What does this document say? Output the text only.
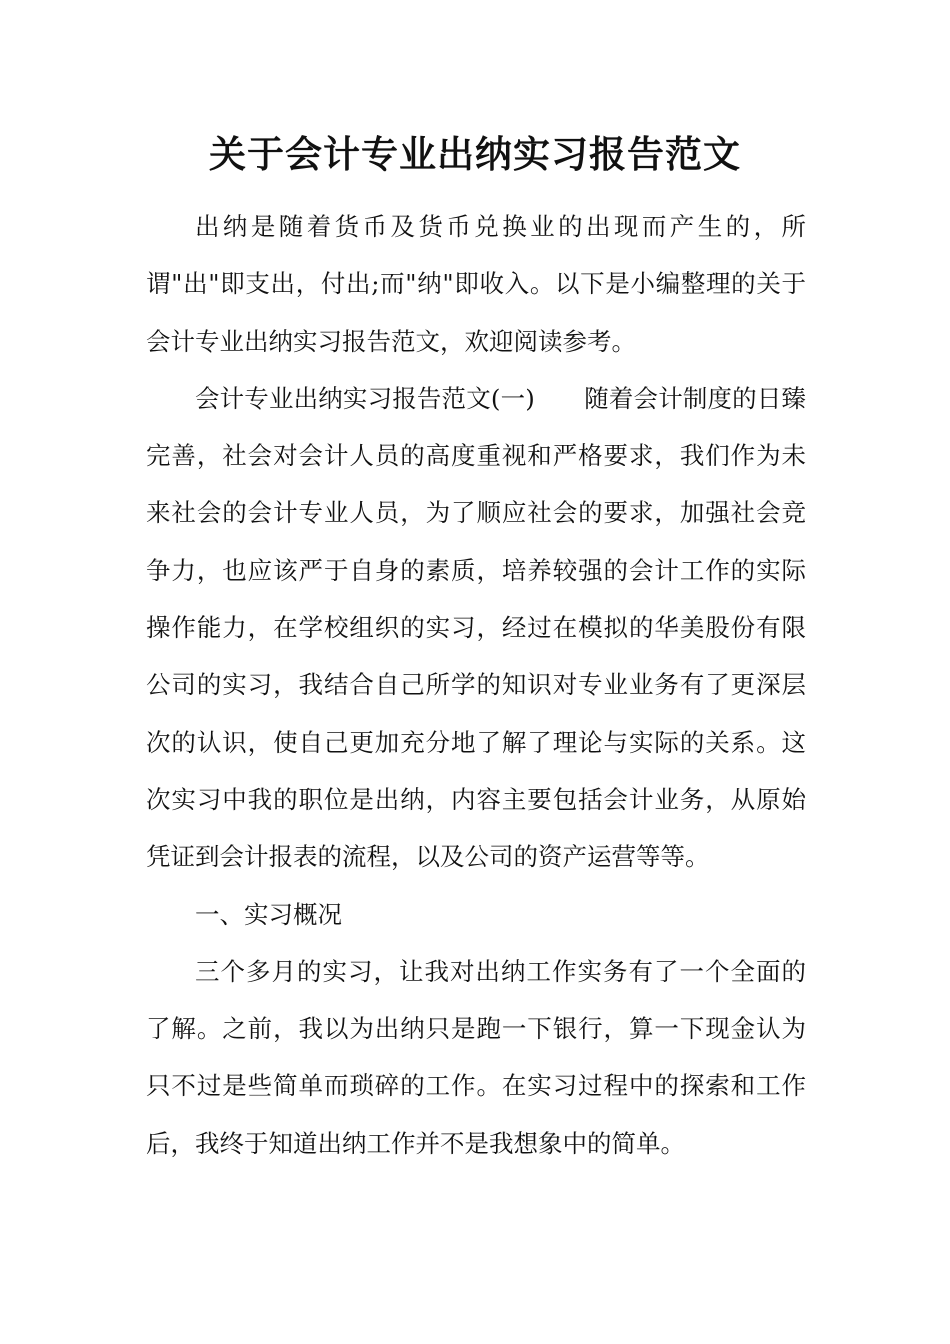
关于会计专业出纳实习报告范文

出纳是随着货币及货币兑换业的出现而产生的，所谓"出"即支出，付出;而"纳"即收入。以下是小编整理的关于会计专业出纳实习报告范文，欢迎阅读参考。

会计专业出纳实习报告范文(一)　　随着会计制度的日臻完善，社会对会计人员的高度重视和严格要求，我们作为未来社会的会计专业人员，为了顺应社会的要求，加强社会竞争力，也应该严于自身的素质，培养较强的会计工作的实际操作能力，在学校组织的实习，经过在模拟的华美股份有限公司的实习，我结合自己所学的知识对专业业务有了更深层次的认识，使自己更加充分地了解了理论与实际的关系。这次实习中我的职位是出纳，内容主要包括会计业务，从原始凭证到会计报表的流程，以及公司的资产运营等等。

一、实习概况

三个多月的实习，让我对出纳工作实务有了一个全面的了解。之前，我以为出纳只是跑一下银行，算一下现金认为只不过是些简单而琐碎的工作。在实习过程中的探索和工作后，我终于知道出纳工作并不是我想象中的简单。
